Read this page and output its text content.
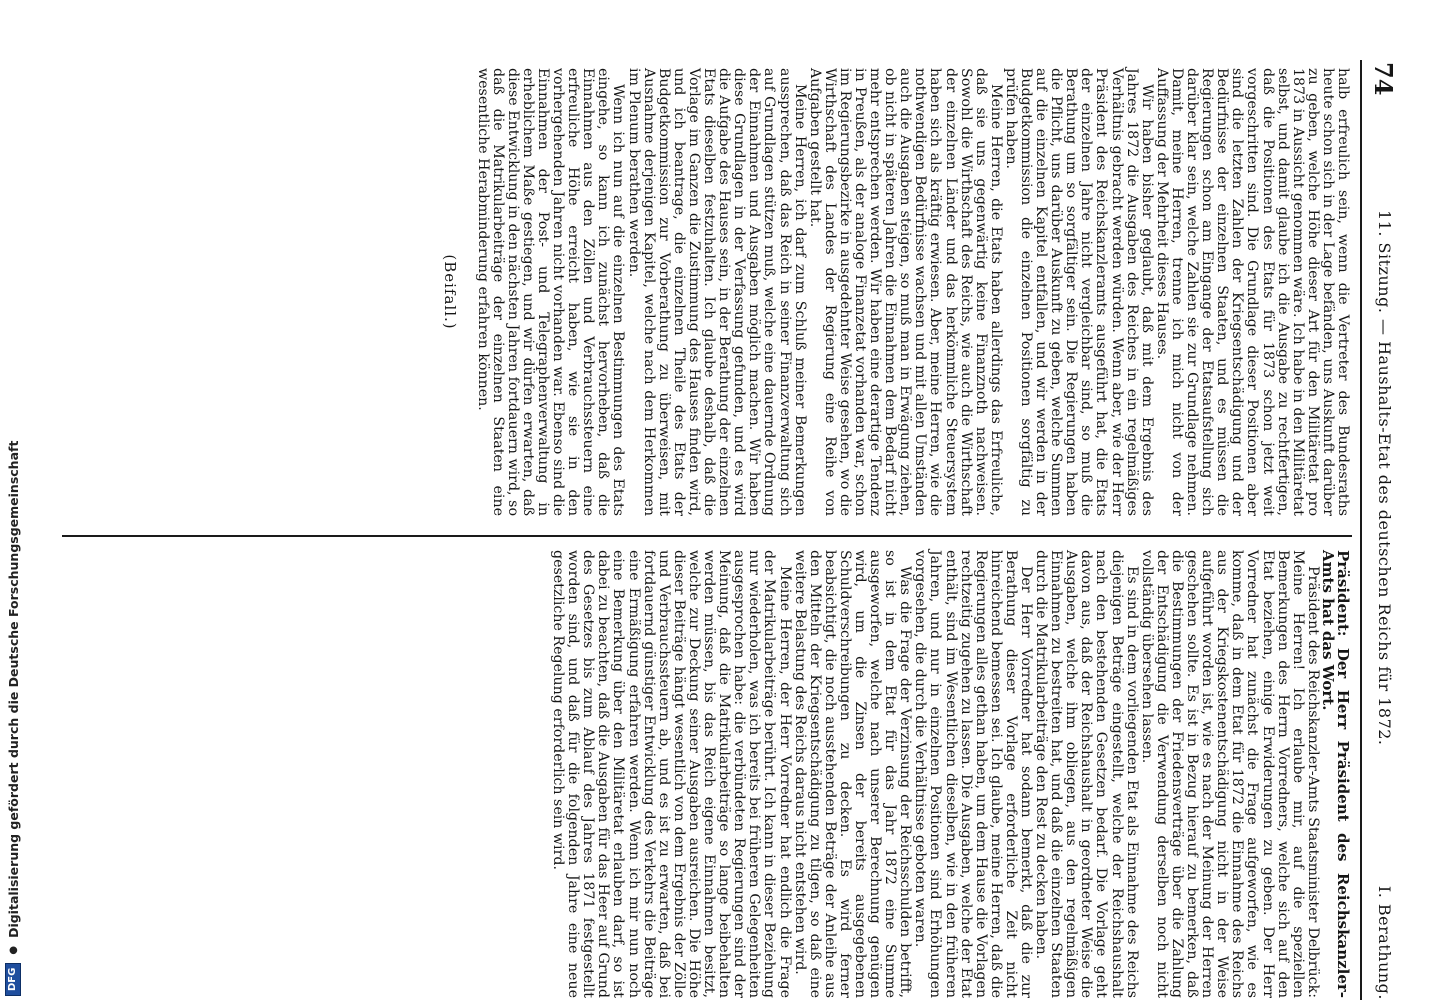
74
11. Sitzung. — Haushalts-Etat des deutschen Reichs für 1872.
I. Berathung.

halb erfreulich sein, wenn die Vertreter des Bundesraths heute schon sich in der Lage befänden, uns Auskunft darüber zu geben, welche Höhe dieser Art für den Militäretat pro 1873 in Aussicht genommen wäre. Ich habe in den Militäretat selbst, und damit glaube ich die Ausgabe zu rechtfertigen, daß die Positionen des Etats für 1873 schon jetzt weit vorgeschritten sind. Die Grundlage dieser Positionen aber sind die letzten Zahlen der Kriegsentschädigung und der Bedürfnisse der einzelnen Staaten, und es müssen die Regierungen schon am Eingange der Etatsaufstellung sich darüber klar sein, welche Zahlen sie zur Grundlage nehmen. Damit, meine Herren, trenne ich mich nicht von der Auffassung der Mehrheit dieses Hauses.

Wir haben bisher geglaubt, daß mit dem Ergebnis des Jahres 1872 die Ausgaben des Reiches in ein regelmäßiges Verhältnis gebracht werden würden. Wenn aber, wie der Herr Präsident des Reichskanzleramts ausgeführt hat, die Etats der einzelnen Jahre nicht vergleichbar sind, so muß die Berathung um so sorgfältiger sein. Die Regierungen haben die Pflicht, uns darüber Auskunft zu geben, welche Summen auf die einzelnen Kapitel entfallen, und wir werden in der Budgetkommission die einzelnen Positionen sorgfältig zu prüfen haben.

Meine Herren, die Etats haben allerdings das Erfreuliche, daß sie uns gegenwärtig keine Finanznoth nachweisen. Sowohl die Wirthschaft des Reichs, wie auch die Wirthschaft der einzelnen Länder und das herkömmliche Steuersystem haben sich als kräftig erwiesen. Aber, meine Herren, wie die nothwendigen Bedürfnisse wachsen und mit allen Umständen auch die Ausgaben steigen, so muß man in Erwägung ziehen, ob nicht in späteren Jahren die Einnahmen dem Bedarf nicht mehr entsprechen werden. Wir haben eine derartige Tendenz in Preußen, als der analoge Finanzetat vorhanden war, schon im Regierungsbezirke in ausgedehnter Weise gesehen, wo die Wirthschaft des Landes der Regierung eine Reihe von Aufgaben gestellt hat.

Meine Herren, ich darf zum Schluß meiner Bemerkungen aussprechen, daß das Reich in seiner Finanzverwaltung sich auf Grundlagen stützen muß, welche eine dauernde Ordnung der Einnahmen und Ausgaben möglich machen. Wir haben diese Grundlagen in der Verfassung gefunden, und es wird die Aufgabe des Hauses sein, in der Berathung der einzelnen Etats dieselben festzuhalten. Ich glaube deshalb, daß die Vorlage im Ganzen die Zustimmung des Hauses finden wird, und ich beantrage, die einzelnen Theile des Etats der Budgetkommission zur Vorberathung zu überweisen, mit Ausnahme derjenigen Kapitel, welche nach dem Herkommen im Plenum berathen werden.

Wenn ich nun auf die einzelnen Bestimmungen des Etats eingehe, so kann ich zunächst hervorheben, daß die Einnahmen aus den Zöllen und Verbrauchssteuern eine erfreuliche Höhe erreicht haben, wie sie in den vorhergehenden Jahren nicht vorhanden war. Ebenso sind die Einnahmen der Post- und Telegraphenverwaltung in erheblichem Maße gestiegen, und wir dürfen erwarten, daß diese Entwicklung in den nächsten Jahren fortdauern wird, so daß die Matrikularbeiträge der einzelnen Staaten eine wesentliche Herabminderung erfahren können.

(Beifall.)

Präsident: Der Herr Präsident des Reichskanzler-Amts hat das Wort.

Präsident des Reichskanzler-Amts Staatsminister Delbrück: Meine Herren! Ich erlaube mir, auf die speziellen Bemerkungen des Herrn Vorredners, welche sich auf den Etat beziehen, einige Erwiderungen zu geben. Der Herr Vorredner hat zunächst die Frage aufgeworfen, wie es komme, daß in dem Etat für 1872 die Einnahme des Reichs aus der Kriegskostenentschädigung nicht in der Weise aufgeführt worden ist, wie es nach der Meinung der Herren geschehen sollte. Es ist in Bezug hierauf zu bemerken, daß die Bestimmungen der Friedensverträge über die Zahlung der Entschädigung die Verwendung derselben noch nicht vollständig übersehen lassen.

Es sind in dem vorliegenden Etat als Einnahme des Reichs diejenigen Beträge eingestellt, welche der Reichshaushalt nach den bestehenden Gesetzen bedarf. Die Vorlage geht davon aus, daß der Reichshaushalt in geordneter Weise die Ausgaben, welche ihm obliegen, aus den regelmäßigen Einnahmen zu bestreiten hat, und daß die einzelnen Staaten durch die Matrikularbeiträge den Rest zu decken haben.

Der Herr Vorredner hat sodann bemerkt, daß die zur Berathung dieser Vorlage erforderliche Zeit nicht hinreichend bemessen sei. Ich glaube, meine Herren, daß die Regierungen alles gethan haben, um dem Hause die Vorlagen rechtzeitig zugehen zu lassen. Die Ausgaben, welche der Etat enthält, sind im Wesentlichen dieselben, wie in den früheren Jahren, und nur in einzelnen Positionen sind Erhöhungen vorgesehen, die durch die Verhältnisse geboten waren.

Was die Frage der Verzinsung der Reichsschulden betrifft, so ist in dem Etat für das Jahr 1872 eine Summe ausgeworfen, welche nach unserer Berechnung genügen wird, um die Zinsen der bereits ausgegebenen Schuldverschreibungen zu decken. Es wird ferner beabsichtigt, die noch ausstehenden Beträge der Anleihe aus den Mitteln der Kriegsentschädigung zu tilgen, so daß eine weitere Belastung des Reichs daraus nicht entstehen wird.

Meine Herren, der Herr Vorredner hat endlich die Frage der Matrikularbeiträge berührt. Ich kann in dieser Beziehung nur wiederholen, was ich bereits bei früheren Gelegenheiten ausgesprochen habe: die verbündeten Regierungen sind der Meinung, daß die Matrikularbeiträge so lange beibehalten werden müssen, bis das Reich eigene Einnahmen besitzt, welche zur Deckung seiner Ausgaben ausreichen. Die Höhe dieser Beiträge hängt wesentlich von dem Ergebnis der Zölle und Verbrauchssteuern ab, und es ist zu erwarten, daß bei fortdauernd günstiger Entwicklung des Verkehrs die Beiträge eine Ermäßigung erfahren werden. Wenn ich mir nun noch eine Bemerkung über den Militäretat erlauben darf, so ist dabei zu beachten, daß die Ausgaben für das Heer auf Grund des Gesetzes bis zum Ablauf des Jahres 1871 festgestellt worden sind, und daß für die folgenden Jahre eine neue gesetzliche Regelung erforderlich sein wird.

DFG
●
Digitalisierung gefördert durch die Deutsche Forschungsgemeinschaft
